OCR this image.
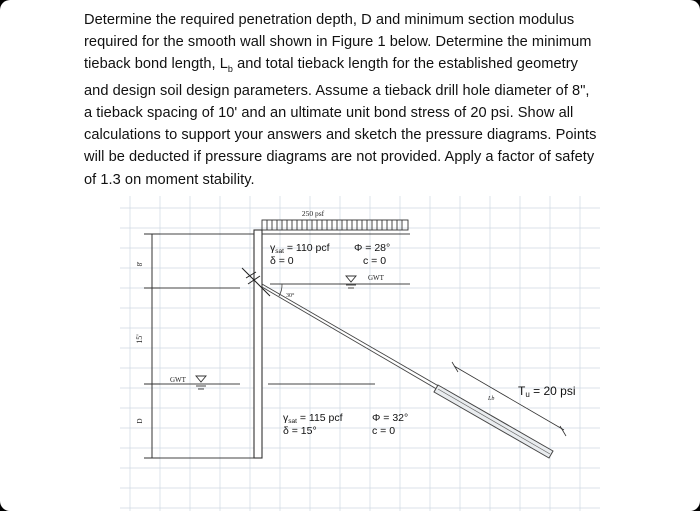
Determine the required penetration depth, D and minimum section modulus
required for the smooth wall shown in Figure 1 below. Determine the minimum
tieback bond length, $L_b$ and total tieback length for the established geometry
and design soil design parameters. Assume a tieback drill hole diameter of 8",
a tieback spacing of 10' and an ultimate unit bond stress of 20 psi. Show all
calculations to support your answers and sketch the pressure diagrams. Points
will be deducted if pressure diagrams are not provided. Apply a factor of safety
of 1.3 on moment stability.
8'
15'
D
250 psf
30°
Lb
GWT
GWT
γsat = 110 pcf Φ = 28°
δ = 0	c = 0
γsat = 115 pcf	Φ = 32°
δ = 15°	c = 0
Tu = 20 psi
